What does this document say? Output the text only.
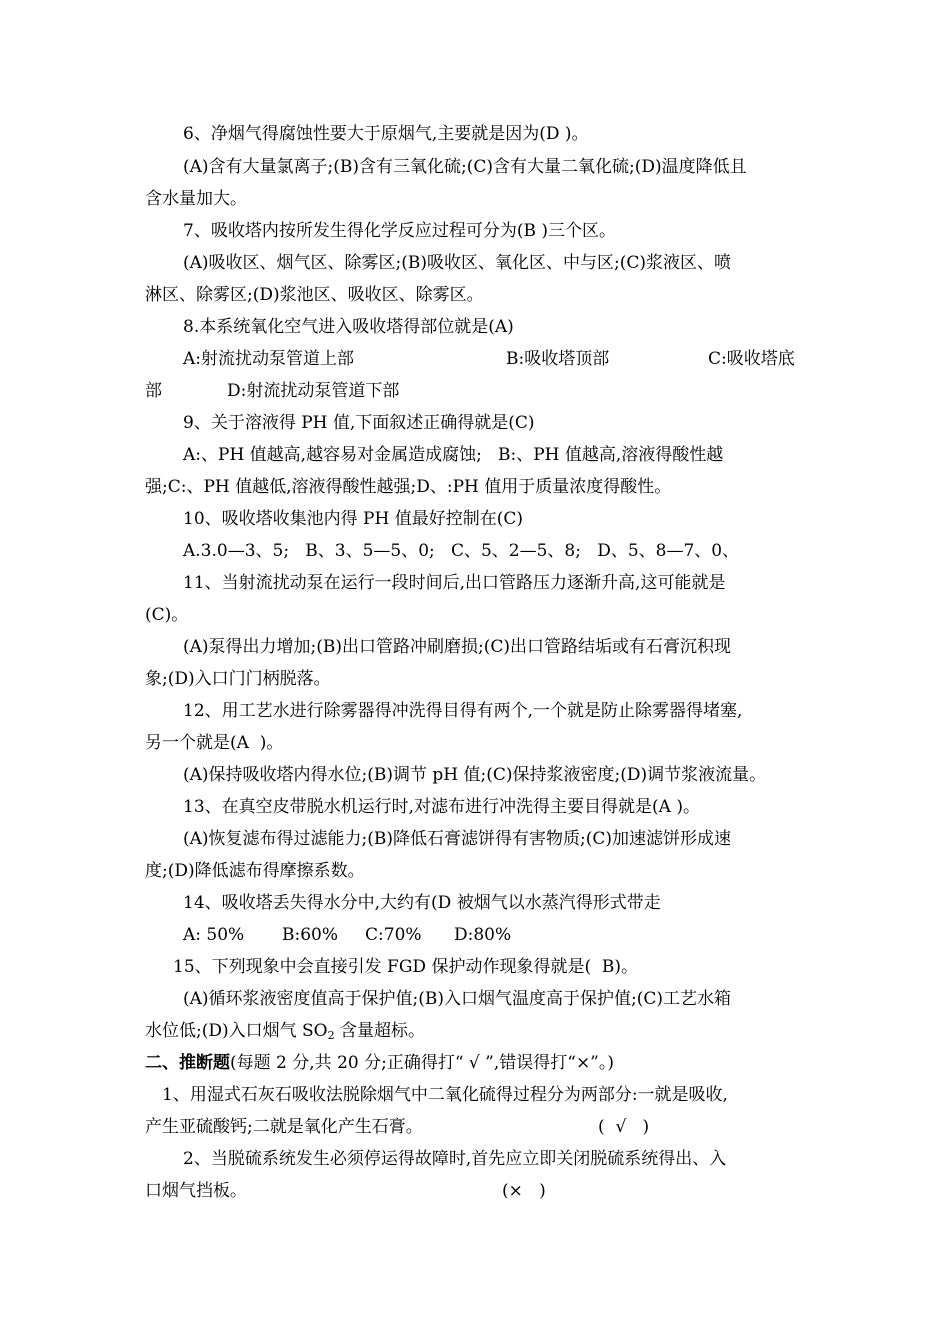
6、净烟气得腐蚀性要大于原烟气,主要就是因为(D )。
(A)含有大量氯离子;(B)含有三氧化硫;(C)含有大量二氧化硫;(D)温度降低且
含水量加大。
7、吸收塔内按所发生得化学反应过程可分为(B )三个区。
(A)吸收区、烟气区、除雾区;(B)吸收区、氧化区、中与区;(C)浆液区、喷
淋区、除雾区;(D)浆池区、吸收区、除雾区。
8.本系统氧化空气进入吸收塔得部位就是(A)
A:射流扰动泵管道上部	B:吸收塔顶部	C:吸收塔底
部	D:射流扰动泵管道下部
9、关于溶液得 PH 值,下面叙述正确得就是(C)
A:、PH 值越高,越容易对金属造成腐蚀;   B:、PH 值越高,溶液得酸性越
强;C:、PH 值越低,溶液得酸性越强;D、:PH 值用于质量浓度得酸性。
10、吸收塔收集池内得 PH 值最好控制在(C)
A.3.0—3、5;   B、3、5—5、0;   C、5、2—5、8;   D、5、8—7、0、
11、当射流扰动泵在运行一段时间后,出口管路压力逐渐升高,这可能就是
(C)。
(A)泵得出力增加;(B)出口管路冲刷磨损;(C)出口管路结垢或有石膏沉积现
象;(D)入口门门柄脱落。
12、用工艺水进行除雾器得冲洗得目得有两个,一个就是防止除雾器得堵塞,
另一个就是(A  )。
(A)保持吸收塔内得水位;(B)调节 pH 值;(C)保持浆液密度;(D)调节浆液流量。
13、在真空皮带脱水机运行时,对滤布进行冲洗得主要目得就是(A )。
(A)恢复滤布得过滤能力;(B)降低石膏滤饼得有害物质;(C)加速滤饼形成速
度;(D)降低滤布得摩擦系数。
14、吸收塔丢失得水分中,大约有(D 被烟气以水蒸汽得形式带走
A: 50%       B:60%     C:70%      D:80%
15、下列现象中会直接引发 FGD 保护动作现象得就是(  B)。
(A)循环浆液密度值高于保护值;(B)入口烟气温度高于保护值;(C)工艺水箱
水位低;(D)入口烟气 $SO_2$ 含量超标。
二、推断题(每题 2 分,共 20 分;正确得打“ √ ”,错误得打“×”。)
1、用湿式石灰石吸收法脱除烟气中二氧化硫得过程分为两部分:一就是吸收,
产生亚硫酸钙;二就是氧化产生石膏。	(  √   )
2、当脱硫系统发生必须停运得故障时,首先应立即关闭脱硫系统得出、入
口烟气挡板。	(×   )
